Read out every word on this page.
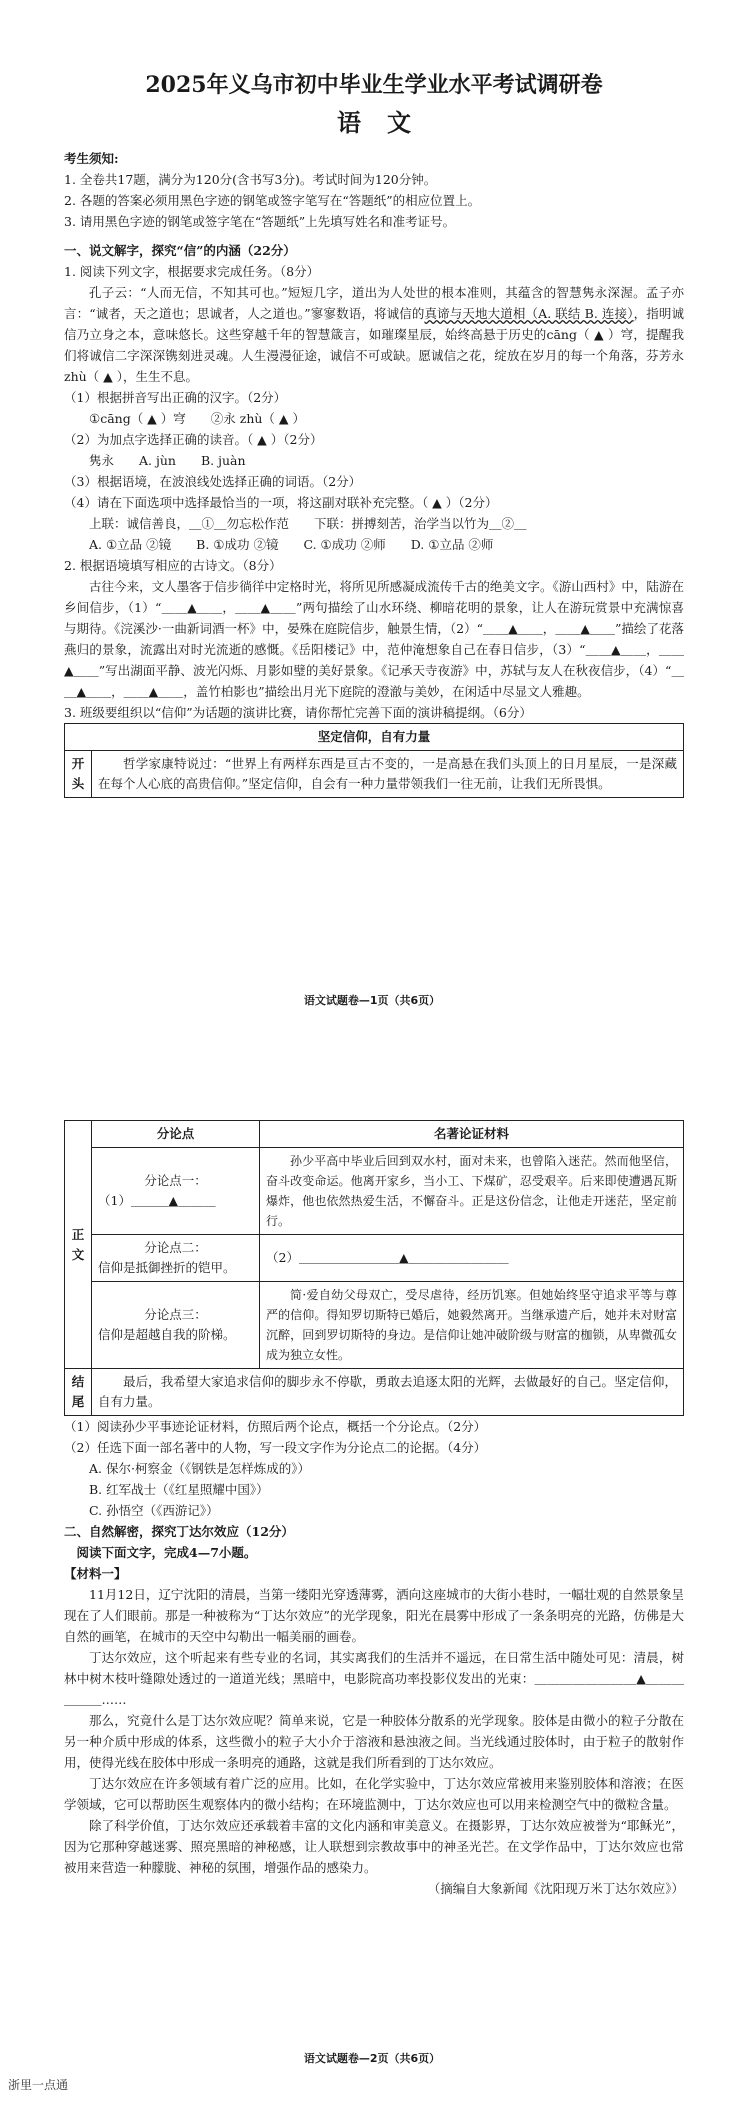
2025年义乌市初中毕业生学业水平考试调研卷
语文
考生须知:
1. 全卷共17题，满分为120分(含书写3分)。考试时间为120分钟。
2. 各题的答案必须用黑色字迹的钢笔或签字笔写在“答题纸”的相应位置上。
3. 请用黑色字迹的钢笔或签字笔在“答题纸”上先填写姓名和准考证号。
一、说文解字，探究“信”的内涵（22分）
1. 阅读下列文字，根据要求完成任务。（8分）
孔子云：“人而无信，不知其可也。”短短几字，道出为人处世的根本准则，其蕴含的智慧隽永深渥。孟子亦言：“诚者，天之道也；思诚者，人之道也。”寥寥数语，将诚信的真谛与天地大道相（A. 联结 B. 连接），指明诚信乃立身之本，意味悠长。这些穿越千年的智慧箴言，如璀璨星辰，始终高悬于历史的cāng（ ▲ ）穹，提醒我们将诚信二字深深镌刻进灵魂。人生漫漫征途，诚信不可或缺。愿诚信之花，绽放在岁月的每一个角落，芬芳永zhù（ ▲ ），生生不息。
（1）根据拼音写出正确的汉字。（2分）
①cāng（ ▲ ）穹　　②永 zhù（ ▲ ）
（2）为加点字选择正确的读音。（ ▲ ）（2分）
隽永　　A. jùn　　B. juàn
（3）根据语境，在波浪线处选择正确的词语。（2分）
（4）请在下面选项中选择最恰当的一项，将这副对联补充完整。（ ▲ ）（2分）
上联：诚信善良，＿①＿勿忘松作范　　下联：拼搏刻苦，治学当以竹为＿②＿
A. ①立品 ②镜　　B. ①成功 ②镜　　C. ①成功 ②师　　D. ①立品 ②师
2. 根据语境填写相应的古诗文。（8分）
古往今来，文人墨客于信步徜徉中定格时光，将所见所感凝成流传千古的绝美文字。《游山西村》中，陆游在乡间信步，（1）“＿＿▲＿＿，＿＿▲＿＿”两句描绘了山水环绕、柳暗花明的景象，让人在游玩赏景中充满惊喜与期待。《浣溪沙·一曲新词酒一杯》中，晏殊在庭院信步，触景生情，（2）“＿＿▲＿＿，＿＿▲＿＿”描绘了花落燕归的景象，流露出对时光流逝的感慨。《岳阳楼记》中，范仲淹想象自己在春日信步，（3）“＿＿▲＿＿，＿＿▲＿＿”写出湖面平静、波光闪烁、月影如璧的美好景象。《记承天寺夜游》中，苏轼与友人在秋夜信步，（4）“＿＿▲＿＿，＿＿▲＿＿，盖竹柏影也”描绘出月光下庭院的澄澈与美妙，在闲适中尽显文人雅趣。
3. 班级要组织以“信仰”为话题的演讲比赛，请你帮忙完善下面的演讲稿提纲。（6分）
坚定信仰，自有力量
开头	哲学家康特说过：“世界上有两样东西是亘古不变的，一是高悬在我们头顶上的日月星辰，一是深藏在每个人心底的高贵信仰。”坚定信仰，自会有一种力量带领我们一往无前，让我们无所畏惧。
语文试题卷—1页（共6页）
正文	分论点	名著论证材料

	分论点一：
（1）＿＿＿▲＿＿＿	孙少平高中毕业后回到双水村，面对未来，也曾陷入迷茫。然而他坚信，奋斗改变命运。他离开家乡，当小工、下煤矿，忍受艰辛。后来即使遭遇瓦斯爆炸，他也依然热爱生活，不懈奋斗。正是这份信念，让他走开迷茫，坚定前行。

	分论点二：
信仰是抵御挫折的铠甲。	（2）＿＿＿＿＿＿＿＿▲＿＿＿＿＿＿＿＿

	分论点三：
信仰是超越自我的阶梯。	简·爱自幼父母双亡，受尽虐待，经历饥寒。但她始终坚守追求平等与尊严的信仰。得知罗切斯特已婚后，她毅然离开。当继承遗产后，她并未对财富沉醉，回到罗切斯特的身边。是信仰让她冲破阶级与财富的枷锁，从卑微孤女成为独立女性。
结尾	最后，我希望大家追求信仰的脚步永不停歇，勇敢去追逐太阳的光辉，去做最好的自己。坚定信仰，自有力量。	
（1）阅读孙少平事迹论证材料，仿照后两个论点，概括一个分论点。（2分）
（2）任选下面一部名著中的人物，写一段文字作为分论点二的论据。（4分）
A. 保尔·柯察金（《钢铁是怎样炼成的》）
B. 红军战士（《红星照耀中国》）
C. 孙悟空（《西游记》）
二、自然解密，探究丁达尔效应（12分）
阅读下面文字，完成4—7小题。
【材料一】
11月12日，辽宁沈阳的清晨，当第一缕阳光穿透薄雾，洒向这座城市的大街小巷时，一幅壮观的自然景象呈现在了人们眼前。那是一种被称为“丁达尔效应”的光学现象，阳光在晨雾中形成了一条条明亮的光路，仿佛是大自然的画笔，在城市的天空中勾勒出一幅美丽的画卷。
丁达尔效应，这个听起来有些专业的名词，其实离我们的生活并不遥远，在日常生活中随处可见：清晨，树林中树木枝叶缝隙处透过的一道道光线；黑暗中，电影院高功率投影仪发出的光束：＿＿＿＿＿＿＿＿▲＿＿＿＿＿＿……
那么，究竟什么是丁达尔效应呢？简单来说，它是一种胶体分散系的光学现象。胶体是由微小的粒子分散在另一种介质中形成的体系，这些微小的粒子大小介于溶液和悬浊液之间。当光线通过胶体时，由于粒子的散射作用，使得光线在胶体中形成一条明亮的通路，这就是我们所看到的丁达尔效应。
丁达尔效应在许多领域有着广泛的应用。比如，在化学实验中，丁达尔效应常被用来鉴别胶体和溶液；在医学领域，它可以帮助医生观察体内的微小结构；在环境监测中，丁达尔效应也可以用来检测空气中的微粒含量。
除了科学价值，丁达尔效应还承载着丰富的文化内涵和审美意义。在摄影界，丁达尔效应被誉为“耶稣光”，因为它那种穿越迷雾、照亮黑暗的神秘感，让人联想到宗教故事中的神圣光芒。在文学作品中，丁达尔效应也常被用来营造一种朦胧、神秘的氛围，增强作品的感染力。
（摘编自大象新闻《沈阳现万米丁达尔效应》）
语文试题卷—2页（共6页）
浙里一点通
